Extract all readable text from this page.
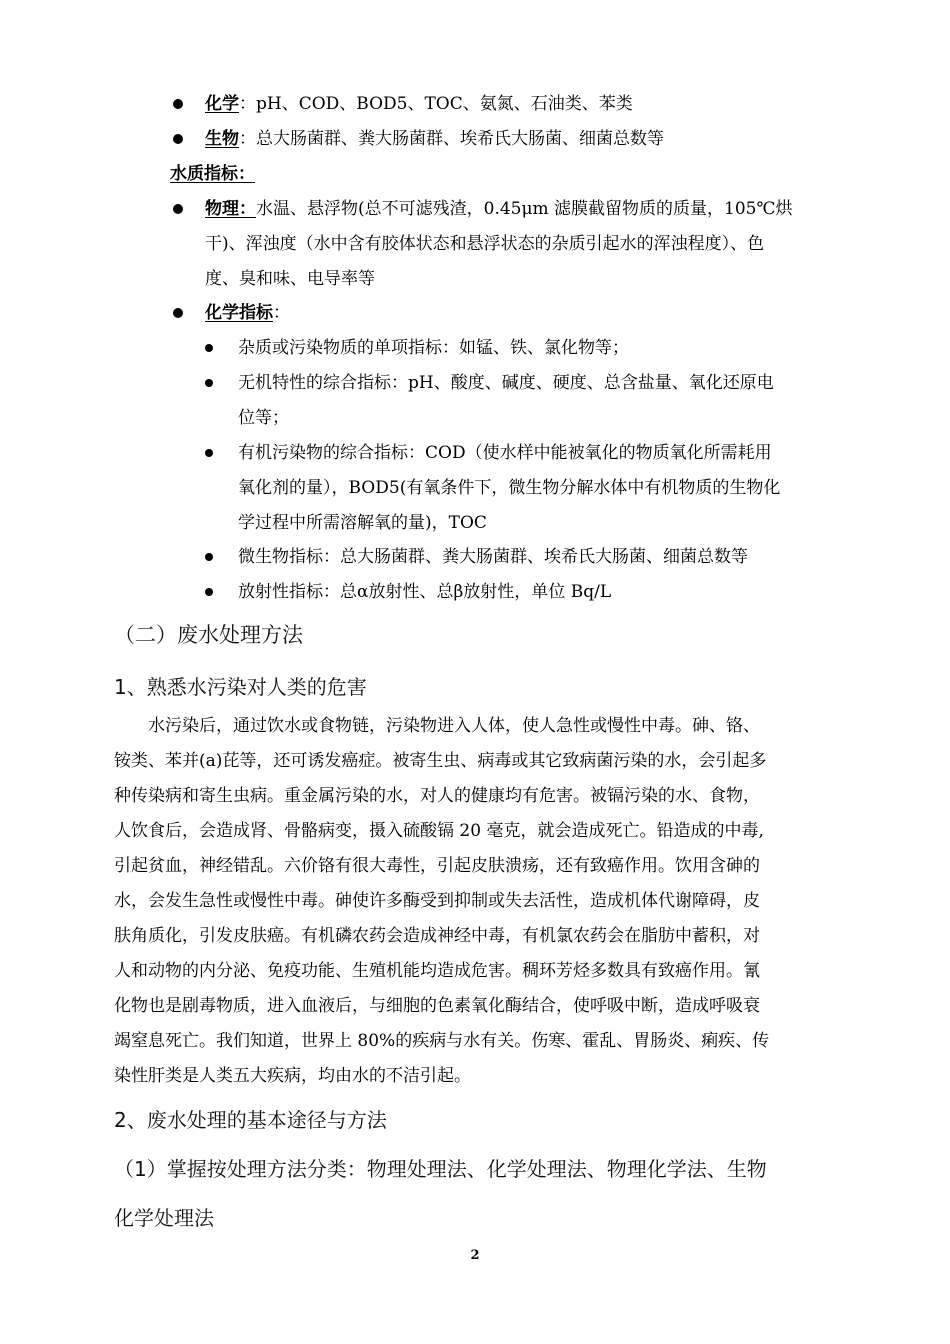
化学：pH、COD、BOD5、TOC、氨氮、石油类、苯类
生物：总大肠菌群、粪大肠菌群、埃希氏大肠菌、细菌总数等
水质指标：
物理：水温、悬浮物(总不可滤残渣，0.45μm 滤膜截留物质的质量，105℃烘
干)、浑浊度（水中含有胶体状态和悬浮状态的杂质引起水的浑浊程度）、色
度、臭和味、电导率等
化学指标：
杂质或污染物质的单项指标：如锰、铁、氯化物等；
无机特性的综合指标：pH、酸度、碱度、硬度、总含盐量、氧化还原电
位等；
有机污染物的综合指标：COD（使水样中能被氧化的物质氧化所需耗用
氧化剂的量），BOD5(有氧条件下，微生物分解水体中有机物质的生物化
学过程中所需溶解氧的量)，TOC
微生物指标：总大肠菌群、粪大肠菌群、埃希氏大肠菌、细菌总数等
放射性指标：总α放射性、总β放射性，单位 Bq/L
（二）废水处理方法
1、熟悉水污染对人类的危害
水污染后，通过饮水或食物链，污染物进入人体，使人急性或慢性中毒。砷、铬、
铵类、苯并(a)芘等，还可诱发癌症。被寄生虫、病毒或其它致病菌污染的水，会引起多
种传染病和寄生虫病。重金属污染的水，对人的健康均有危害。被镉污染的水、食物，
人饮食后，会造成肾、骨骼病变，摄入硫酸镉 20 毫克，就会造成死亡。铅造成的中毒,
引起贫血，神经错乱。六价铬有很大毒性，引起皮肤溃疡，还有致癌作用。饮用含砷的
水，会发生急性或慢性中毒。砷使许多酶受到抑制或失去活性，造成机体代谢障碍，皮
肤角质化，引发皮肤癌。有机磷农药会造成神经中毒，有机氯农药会在脂肪中蓄积，对
人和动物的内分泌、免疫功能、生殖机能均造成危害。稠环芳烃多数具有致癌作用。氰
化物也是剧毒物质，进入血液后，与细胞的色素氧化酶结合，使呼吸中断，造成呼吸衰
竭窒息死亡。我们知道，世界上 80%的疾病与水有关。伤寒、霍乱、胃肠炎、痢疾、传
染性肝类是人类五大疾病，均由水的不洁引起。
2、废水处理的基本途径与方法
（1）掌握按处理方法分类：物理处理法、化学处理法、物理化学法、生物
化学处理法
2
